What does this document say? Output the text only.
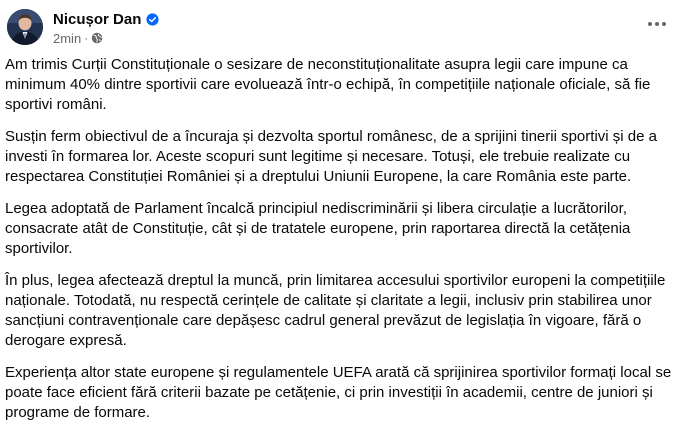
Nicușor Dan
2min ·

Am trimis Curții Constituționale o sesizare de neconstituționalitate asupra legii care impune ca minimum 40% dintre sportivii care evoluează într-o echipă, în competițiile naționale oficiale, să fie sportivi români.

Susțin ferm obiectivul de a încuraja și dezvolta sportul românesc, de a sprijini tinerii sportivi și de a investi în formarea lor. Aceste scopuri sunt legitime și necesare. Totuși, ele trebuie realizate cu respectarea Constituției României și a dreptului Uniunii Europene, la care România este parte.

Legea adoptată de Parlament încalcă principiul nediscriminării și libera circulație a lucrătorilor, consacrate atât de Constituție, cât și de tratatele europene, prin raportarea directă la cetățenia sportivilor.

În plus, legea afectează dreptul la muncă, prin limitarea accesului sportivilor europeni la competițiile naționale. Totodată, nu respectă cerințele de calitate și claritate a legii, inclusiv prin stabilirea unor sancțiuni contravenționale care depășesc cadrul general prevăzut de legislația în vigoare, fără o derogare expresă.

Experiența altor state europene și regulamentele UEFA arată că sprijinirea sportivilor formați local se poate face eficient fără criterii bazate pe cetățenie, ci prin investiții în academii, centre de juniori și programe de formare.
